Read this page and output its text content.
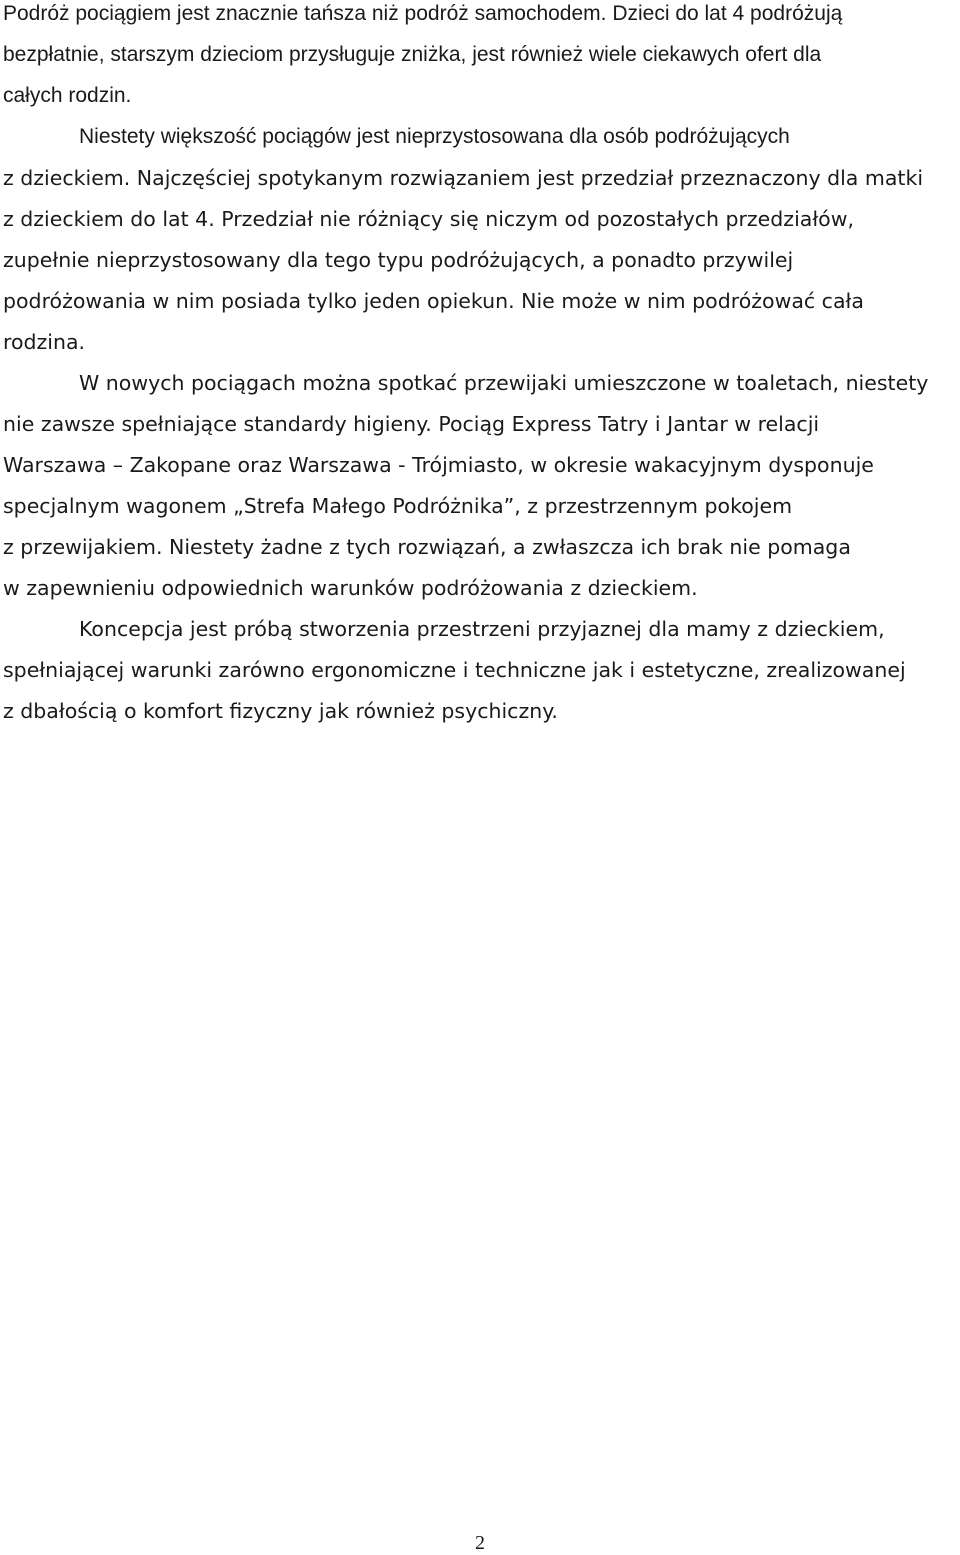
Podróż pociągiem jest znacznie tańsza niż podróż samochodem. Dzieci do lat 4 podróżują
bezpłatnie, starszym dzieciom przysługuje zniżka, jest również wiele ciekawych ofert dla
całych rodzin.
Niestety większość pociągów jest nieprzystosowana dla osób podróżujących
z dzieckiem. Najczęściej spotykanym rozwiązaniem jest przedział przeznaczony dla matki
z dzieckiem do lat 4. Przedział nie różniący się niczym od pozostałych przedziałów,
zupełnie nieprzystosowany dla tego typu podróżujących, a ponadto przywilej
podróżowania w nim posiada tylko jeden opiekun. Nie może w nim podróżować cała
rodzina.
W nowych pociągach można spotkać przewijaki umieszczone w toaletach, niestety
nie zawsze spełniające standardy higieny. Pociąg Express Tatry i Jantar w relacji
Warszawa – Zakopane oraz Warszawa - Trójmiasto, w okresie wakacyjnym dysponuje
specjalnym wagonem „Strefa Małego Podróżnika”, z przestrzennym pokojem
z przewijakiem. Niestety żadne z tych rozwiązań, a zwłaszcza ich brak nie pomaga
w zapewnieniu odpowiednich warunków podróżowania z dzieckiem.
Koncepcja jest próbą stworzenia przestrzeni przyjaznej dla mamy z dzieckiem,
spełniającej warunki zarówno ergonomiczne i techniczne jak i estetyczne, zrealizowanej
z dbałością o komfort fizyczny jak również psychiczny.
2
